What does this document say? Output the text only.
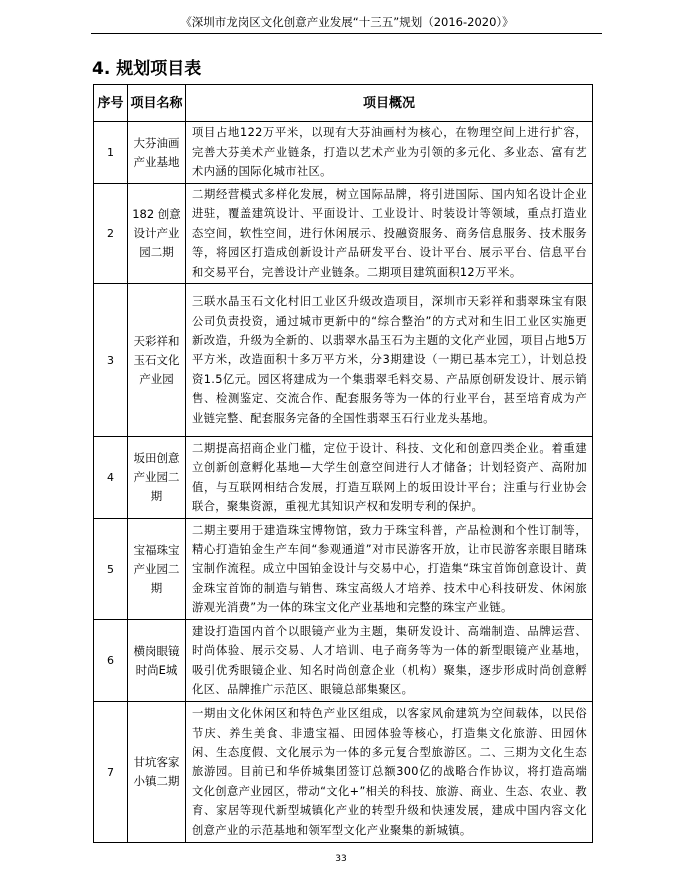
《深圳市龙岗区文化创意产业发展“十三五”规划（2016-2020）》
4. 规划项目表
序号	项目名称	项目概况
1	大芬油画产业基地	项目占地122万平米，以现有大芬油画村为核心，在物理空间上进行扩容，完善大芬美术产业链条，打造以艺术产业为引领的多元化、多业态、富有艺术内涵的国际化城市社区。
2	182 创意设计产业园二期	二期经营模式多样化发展，树立国际品牌，将引进国际、国内知名设计企业进驻，覆盖建筑设计、平面设计、工业设计、时装设计等领域，重点打造业态空间，软性空间，进行休闲展示、投融资服务、商务信息服务、技术服务等，将园区打造成创新设计产品研发平台、设计平台、展示平台、信息平台和交易平台，完善设计产业链条。二期项目建筑面积12万平米。
3	天彩祥和玉石文化产业园	三联水晶玉石文化村旧工业区升级改造项目，深圳市天彩祥和翡翠珠宝有限公司负责投资，通过城市更新中的“综合整治”的方式对和生旧工业区实施更新改造，升级为全新的、以翡翠水晶玉石为主题的文化产业园，项目占地5万平方米，改造面积十多万平方米，分3期建设（一期已基本完工），计划总投资1.5亿元。园区将建成为一个集翡翠毛料交易、产品原创研发设计、展示销售、检测鉴定、交流合作、配套服务等为一体的行业平台，甚至培育成为产业链完整、配套服务完备的全国性翡翠玉石行业龙头基地。
4	坂田创意产业园二期	二期提高招商企业门槛，定位于设计、科技、文化和创意四类企业。着重建立创新创意孵化基地—大学生创意空间进行人才储备；计划轻资产、高附加值，与互联网相结合发展，打造互联网上的坂田设计平台；注重与行业协会联合，聚集资源，重视尤其知识产权和发明专利的保护。
5	宝福珠宝产业园二期	二期主要用于建造珠宝博物馆，致力于珠宝科普，产品检测和个性订制等，精心打造铂金生产车间“参观通道”对市民游客开放，让市民游客亲眼目睹珠宝制作流程。成立中国铂金设计与交易中心，打造集“珠宝首饰创意设计、黄金珠宝首饰的制造与销售、珠宝高级人才培养、技术中心科技研发、休闲旅游观光消费”为一体的珠宝文化产业基地和完整的珠宝产业链。
6	横岗眼镜时尚E城	建设打造国内首个以眼镜产业为主题，集研发设计、高端制造、品牌运营、时尚体验、展示交易、人才培训、电子商务等为一体的新型眼镜产业基地，吸引优秀眼镜企业、知名时尚创意企业（机构）聚集，逐步形成时尚创意孵化区、品牌推广示范区、眼镜总部集聚区。
7	甘坑客家小镇二期	一期由文化休闲区和特色产业区组成，以客家风俞建筑为空间载体，以民俗节庆、养生美食、非遗宝福、田园体验等核心，打造集文化旅游、田园休闲、生态度假、文化展示为一体的多元复合型旅游区。二、三期为文化生态旅游园。目前已和华侨城集团签订总额300亿的战略合作协议，将打造高端文化创意产业园区，带动“文化+”相关的科技、旅游、商业、生态、农业、教育、家居等现代新型城镇化产业的转型升级和快速发展，建成中国内容文化创意产业的示范基地和领军型文化产业聚集的新城镇。
33
